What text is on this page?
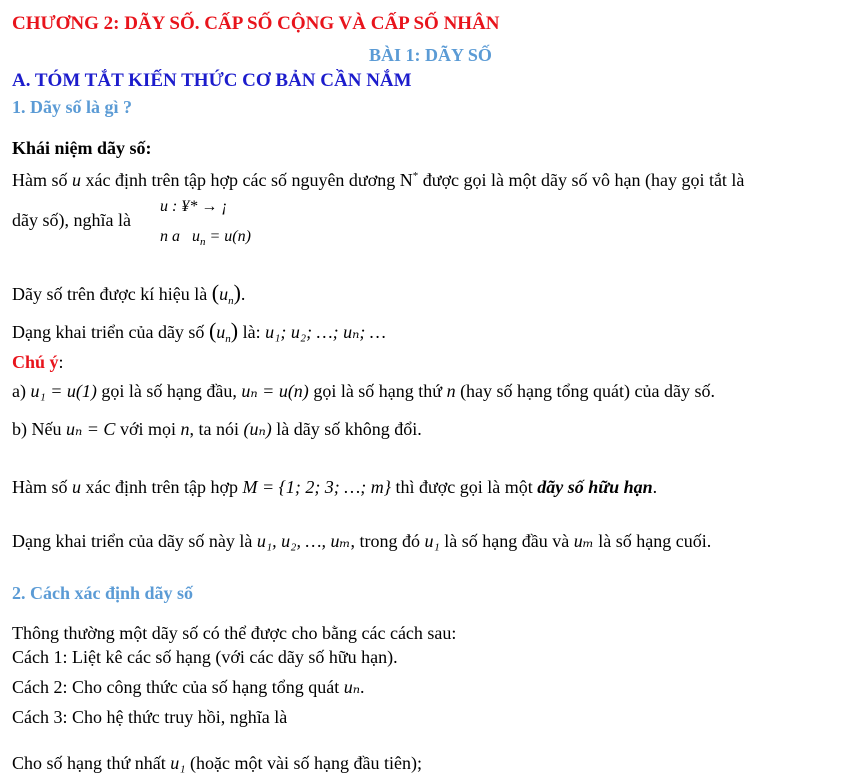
CHƯƠNG 2: DÃY SỐ. CẤP SỐ CỘNG VÀ CẤP SỐ NHÂN
BÀI 1: DÃY SỐ
A. TÓM TẮT KIẾN THỨC CƠ BẢN CẦN NẮM
1. Dãy số là gì ?
Khái niệm dãy số:
Hàm số u xác định trên tập hợp các số nguyên dương N* được gọi là một dãy số vô hạn (hay gọi tắt là
dãy số), nghĩa là
u : ¥* → ¡
n a $u_n = u(n)$
Dãy số trên được kí hiệu là $(u_n)$.
Dạng khai triển của dãy số $(u_n)$ là: u₁; u₂; …; uₙ; …
Chú ý:
a) u₁ = u(1) gọi là số hạng đầu, uₙ = u(n) gọi là số hạng thứ n (hay số hạng tổng quát) của dãy số.
b) Nếu uₙ = C với mọi n, ta nói (uₙ) là dãy số không đổi.
Hàm số u xác định trên tập hợp M = {1; 2; 3; …; m} thì được gọi là một dãy số hữu hạn.
Dạng khai triển của dãy số này là u₁, u₂, …, uₘ, trong đó u₁ là số hạng đầu và uₘ là số hạng cuối.
2. Cách xác định dãy số
Thông thường một dãy số có thể được cho bằng các cách sau:
Cách 1: Liệt kê các số hạng (với các dãy số hữu hạn).
Cách 2: Cho công thức của số hạng tổng quát uₙ.
Cách 3: Cho hệ thức truy hồi, nghĩa là
Cho số hạng thứ nhất u₁ (hoặc một vài số hạng đầu tiên);
